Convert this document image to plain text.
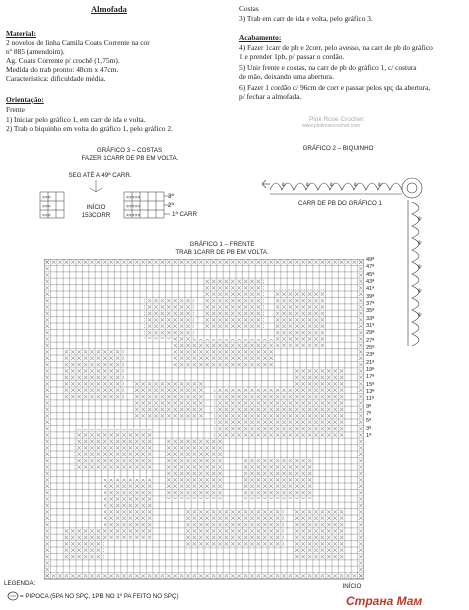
Almofada
Material:
2 novelos de linha Camila Coats Corrente na cor
nº 885 (amendoim).
Ag. Coats Corrente p/ crochê (1,75m).
Medida do trab pronto: 48cm x 47cm.
Característica: dificuldade média.
Orientação:
Frente
1) Iniciar pelo gráfico 1, em carr de ida e volta.
2) Trab o biquinho em volta do gráfico 1, pelo gráfico 2.
Costas
3) Trab em carr de ida e volta, pelo gráfico 3.
Acabamento:
4) Fazer 1carr de pb e 2corr, pelo avesso, na carr de pb do gráfico
1 e prender 1pb, p/ passar o cordão.
5) Unir frente e costas, na carr de pb do gráfico 1, c/ costura
de mão, deixando uma abertura.
6) Fazer 1 cordão c/ 96cm de corr e passar pelos spç da abertura,
p/ fechar a almofada.
Pink Rose Crochet
www.pinkrosecrochet.com
GRÁFICO 3 – COSTAS
FAZER 1CARR DE PB EM VOLTA.
SEG ATÉ A 49ª CARR.
INÍCIO
153CORR
3ª
2ª
1ª CARR
×××
×××
×××
×××××
×××××
×××××
GRÁFICO 2 – BIQUINHO
CARR DE PB DO GRÁFICO 1
ψ	ψ	ψ	ψ	ψ
ψ
ψ
ψ
ψ
ψ
GRÁFICO 1 – FRENTE
TRAB 1CARR DE PB EM VOLTA.
49ª
47ª
45ª
43ª
41ª
39ª
37ª
35ª
33ª
31ª
29ª
27ª
25ª
23ª
21ª
19ª
17ª
15ª
13ª
11ª
9ª
7ª
5ª
3ª
1ª
INÍCIO
LEGENDA:
= PIPOCA (5PA NO SPÇ, 1PB NO 1º PA FEITO NO SPÇ)	Страна Мам
